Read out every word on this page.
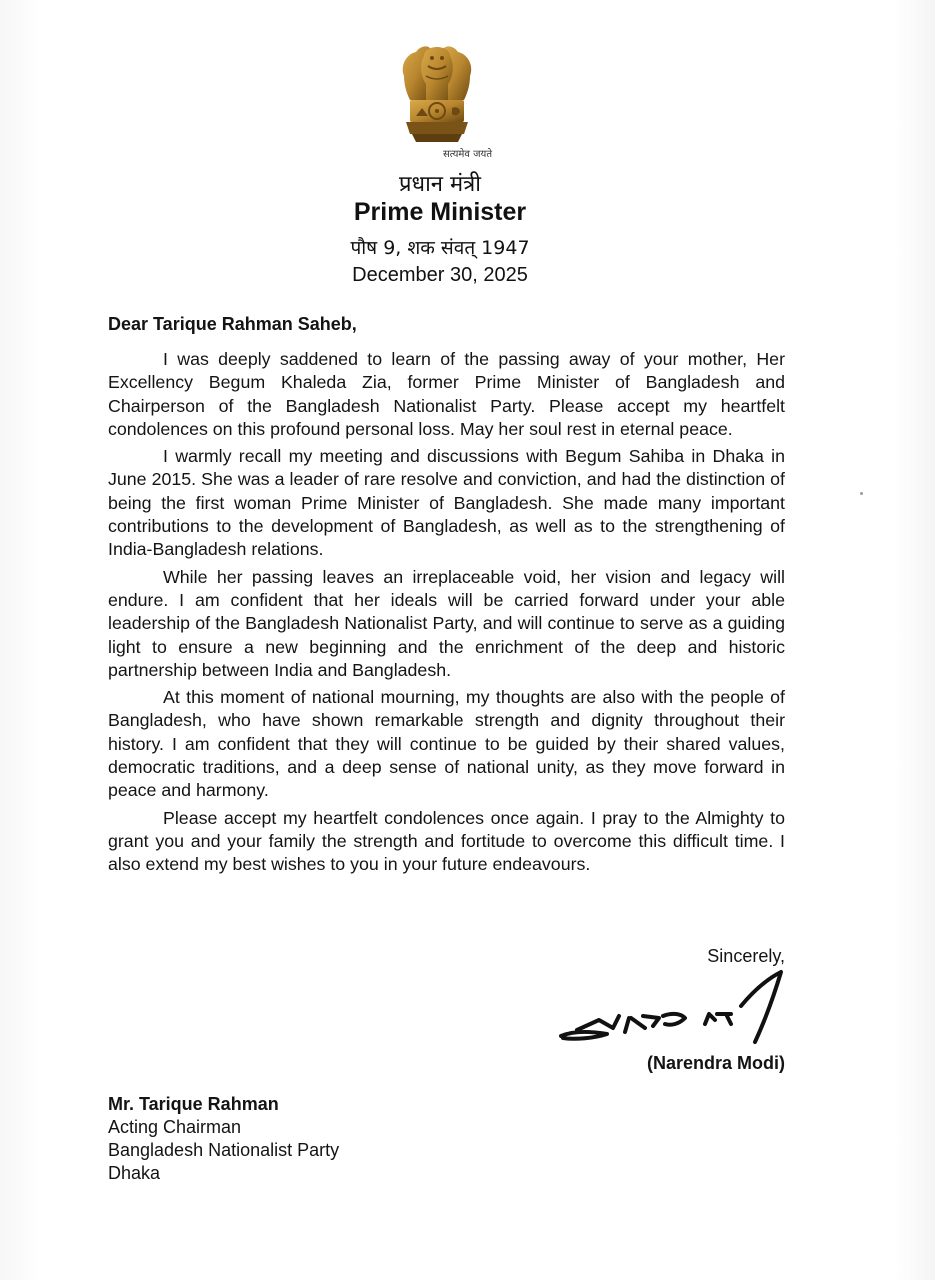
सत्यमेव जयते
प्रधान मंत्री
Prime Minister
पौष 9, शक संवत् 1947
December 30, 2025
Dear Tarique Rahman Saheb,

I was deeply saddened to learn of the passing away of your mother, Her Excellency Begum Khaleda Zia, former Prime Minister of Bangladesh and Chairperson of the Bangladesh Nationalist Party. Please accept my heartfelt condolences on this profound personal loss. May her soul rest in eternal peace.

I warmly recall my meeting and discussions with Begum Sahiba in Dhaka in June 2015. She was a leader of rare resolve and conviction, and had the distinction of being the first woman Prime Minister of Bangladesh. She made many important contributions to the development of Bangladesh, as well as to the strengthening of India-Bangladesh relations.

While her passing leaves an irreplaceable void, her vision and legacy will endure. I am confident that her ideals will be carried forward under your able leadership of the Bangladesh Nationalist Party, and will continue to serve as a guiding light to ensure a new beginning and the enrichment of the deep and historic partnership between India and Bangladesh.

At this moment of national mourning, my thoughts are also with the people of Bangladesh, who have shown remarkable strength and dignity throughout their history. I am confident that they will continue to be guided by their shared values, democratic traditions, and a deep sense of national unity, as they move forward in peace and harmony.

Please accept my heartfelt condolences once again. I pray to the Almighty to grant you and your family the strength and fortitude to overcome this difficult time. I also extend my best wishes to you in your future endeavours.

Sincerely,
(Narendra Modi)
Mr. Tarique Rahman
Acting Chairman
Bangladesh Nationalist Party
Dhaka
